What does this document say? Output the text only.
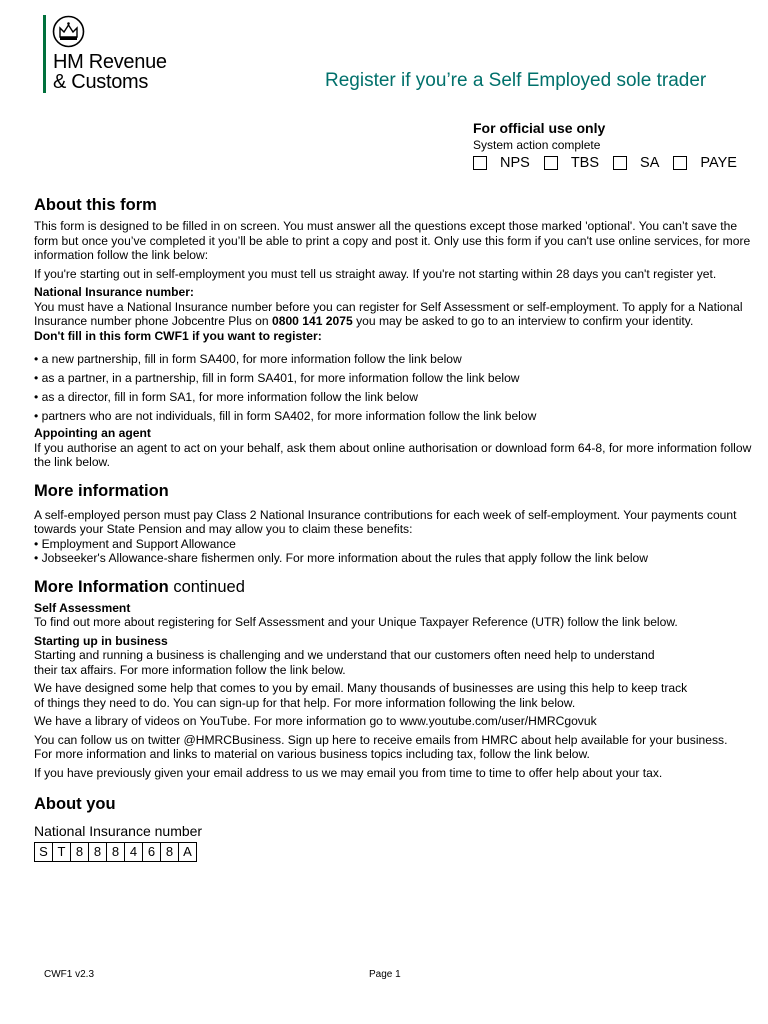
HM Revenue
& Customs	Register if you’re a Self Employed sole trader
For official use only
System action complete
NPS	TBS	SA	PAYE
About this form

This form is designed to be filled in on screen. You must answer all the questions except those marked 'optional'. You can’t save the form but once you’ve completed it you’ll be able to print a copy and post it. Only use this form if you can't use online services, for more information follow the link below:

If you're starting out in self-employment you must tell us straight away. If you're not starting within 28 days you can't register yet.

National Insurance number:

You must have a National Insurance number before you can register for Self Assessment or self-employment. To apply for a National Insurance number phone Jobcentre Plus on 0800 141 2075 you may be asked to go to an interview to confirm your identity.

Don't fill in this form CWF1 if you want to register:

• a new partnership, fill in form SA400, for more information follow the link below

• as a partner, in a partnership, fill in form SA401, for more information follow the link below

• as a director, fill in form SA1, for more information follow the link below

• partners who are not individuals, fill in form SA402, for more information follow the link below

Appointing an agent

If you authorise an agent to act on your behalf, ask them about online authorisation or download form 64-8, for more information follow the link below.

More information

A self-employed person must pay Class 2 National Insurance contributions for each week of self-employment. Your payments count towards your State Pension and may allow you to claim these benefits:

• Employment and Support Allowance

• Jobseeker's Allowance-share fishermen only. For more information about the rules that apply follow the link below

More Information continued

Self Assessment

To find out more about registering for Self Assessment and your Unique Taxpayer Reference (UTR) follow the link below.

Starting up in business

Starting and running a business is challenging and we understand that our customers often need help to understand
their tax affairs. For more information follow the link below.

We have designed some help that comes to you by email. Many thousands of businesses are using this help to keep track
of things they need to do. You can sign-up for that help. For more information following the link below.

We have a library of videos on YouTube. For more information go to www.youtube.com/user/HMRCgovuk

You can follow us on twitter @HMRCBusiness. Sign up here to receive emails from HMRC about help available for your business.
For more information and links to material on various business topics including tax, follow the link below.

If you have previously given your email address to us we may email you from time to time to offer help about your tax.

About you
National Insurance number
S T 8 8 8 4 6 8 A
CWF1 v2.3	Page 1
